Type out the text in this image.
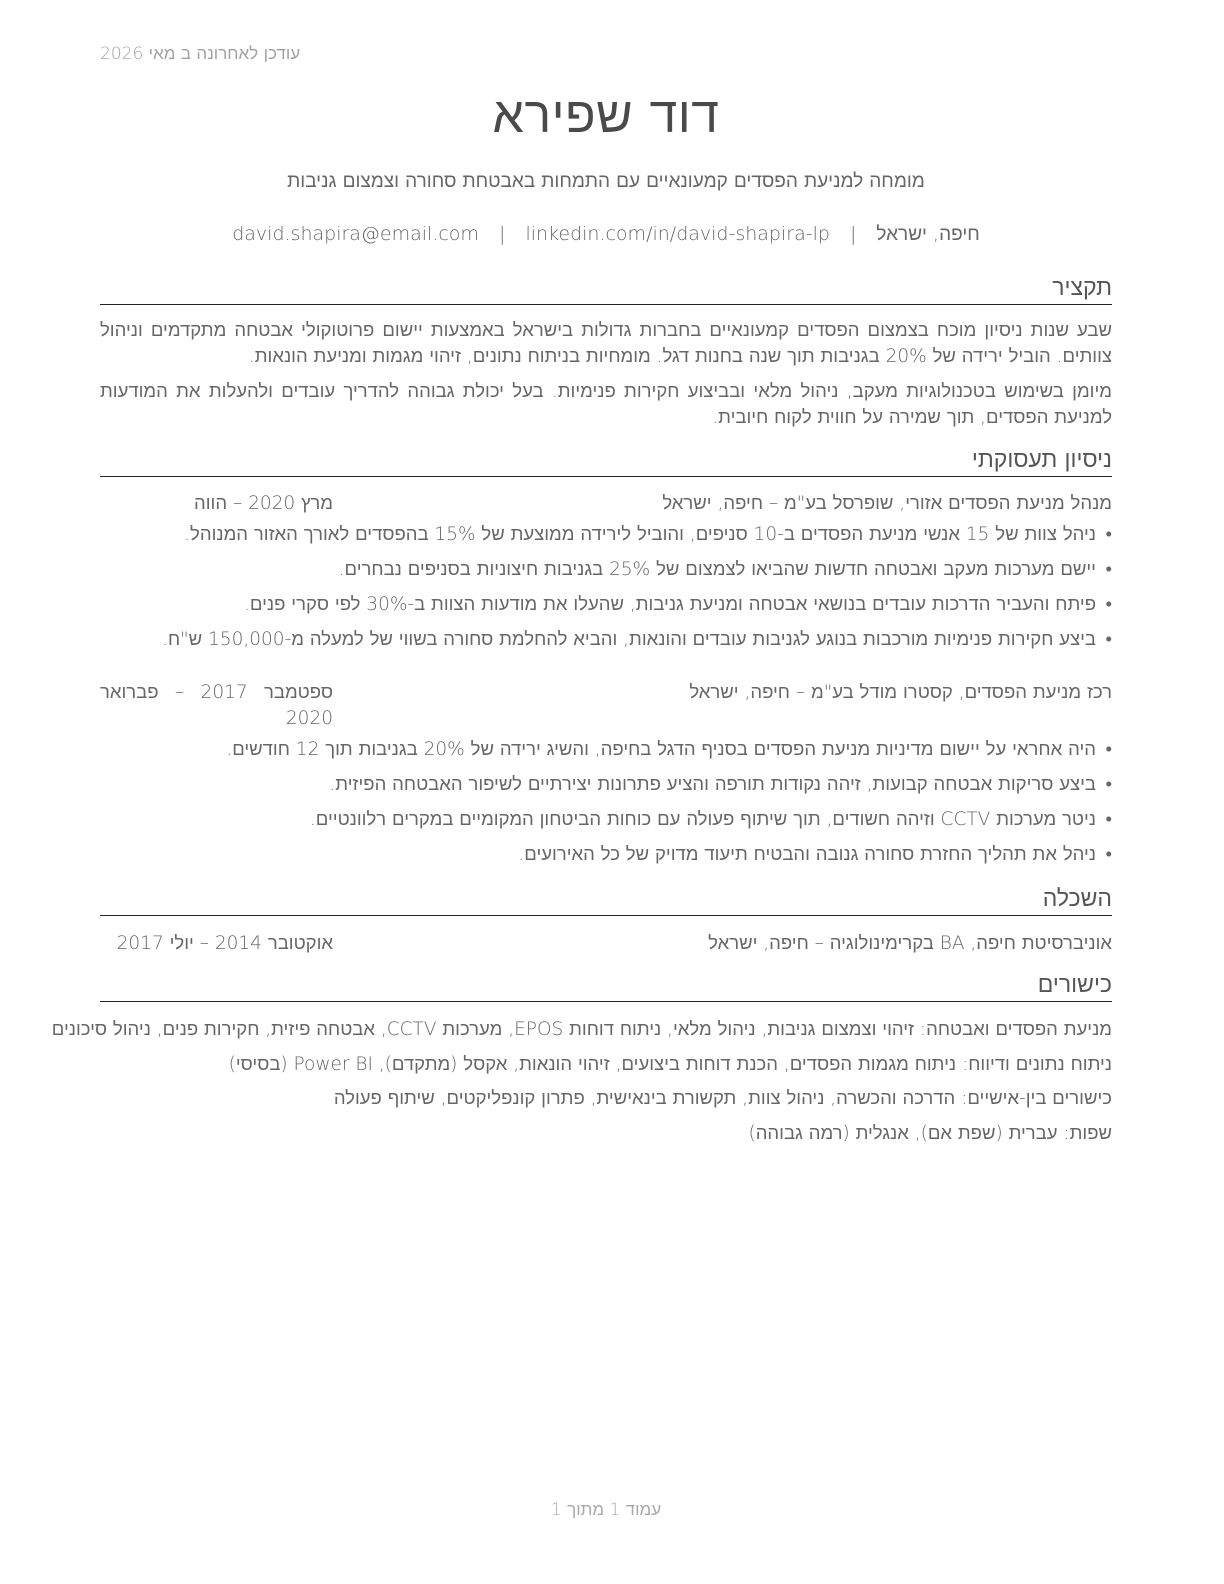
עודכן לאחרונה ב מאי 2026
דוד שפירא
מומחה למניעת הפסדים קמעונאיים עם התמחות באבטחת סחורה וצמצום גניבות
חיפה, ישראל | david.shapira@email.com | linkedin.com/in/david-shapira-lp
תקציר
שבע שנות ניסיון מוכח בצמצום הפסדים קמעונאיים בחברות גדולות בישראל באמצעות יישום פרוטוקולי אבטחה מתקדמים וניהול צוותים. הוביל ירידה של 20% בגניבות תוך שנה בחנות דגל. מומחיות בניתוח נתונים, זיהוי מגמות ומניעת הונאות.
מיומן בשימוש בטכנולוגיות מעקב, ניהול מלאי ובביצוע חקירות פנימיות. בעל יכולת גבוהה להדריך עובדים ולהעלות את המודעות למניעת הפסדים, תוך שמירה על חווית לקוח חיובית.
ניסיון תעסוקתי
מנהל מניעת הפסדים אזורי, שופרסל בע"מ – חיפה, ישראל
מרץ 2020 – הווה
•
ניהל צוות של 15 אנשי מניעת הפסדים ב-10 סניפים, והוביל לירידה ממוצעת של 15% בהפסדים לאורך האזור המנוהל.
•
יישם מערכות מעקב ואבטחה חדשות שהביאו לצמצום של 25% בגניבות חיצוניות בסניפים נבחרים.
•
פיתח והעביר הדרכות עובדים בנושאי אבטחה ומניעת גניבות, שהעלו את מודעות הצוות ב-30% לפי סקרי פנים.
•
ביצע חקירות פנימיות מורכבות בנוגע לגניבות עובדים והונאות, והביא להחלמת סחורה בשווי של למעלה מ-150,000 ש"ח.
רכז מניעת הפסדים, קסטרו מודל בע"מ – חיפה, ישראל
ספטמבר 2017 – פברואר 2020
•
היה אחראי על יישום מדיניות מניעת הפסדים בסניף הדגל בחיפה, והשיג ירידה של 20% בגניבות תוך 12 חודשים.
•
ביצע סריקות אבטחה קבועות, זיהה נקודות תורפה והציע פתרונות יצירתיים לשיפור האבטחה הפיזית.
•
ניטר מערכות CCTV וזיהה חשודים, תוך שיתוף פעולה עם כוחות הביטחון המקומיים במקרים רלוונטיים.
•
ניהל את תהליך החזרת סחורה גנובה והבטיח תיעוד מדויק של כל האירועים.
השכלה
אוניברסיטת חיפה, BA בקרימינולוגיה – חיפה, ישראל
אוקטובר 2014 – יולי 2017
כישורים
מניעת הפסדים ואבטחה: זיהוי וצמצום גניבות, ניהול מלאי, ניתוח דוחות EPOS, מערכות CCTV, אבטחה פיזית, חקירות פנים, ניהול סיכונים
ניתוח נתונים ודיווח: ניתוח מגמות הפסדים, הכנת דוחות ביצועים, זיהוי הונאות, אקסל (מתקדם), Power BI (בסיסי)
כישורים בין-אישיים: הדרכה והכשרה, ניהול צוות, תקשורת בינאישית, פתרון קונפליקטים, שיתוף פעולה
שפות: עברית (שפת אם), אנגלית (רמה גבוהה)
עמוד 1 מתוך 1
